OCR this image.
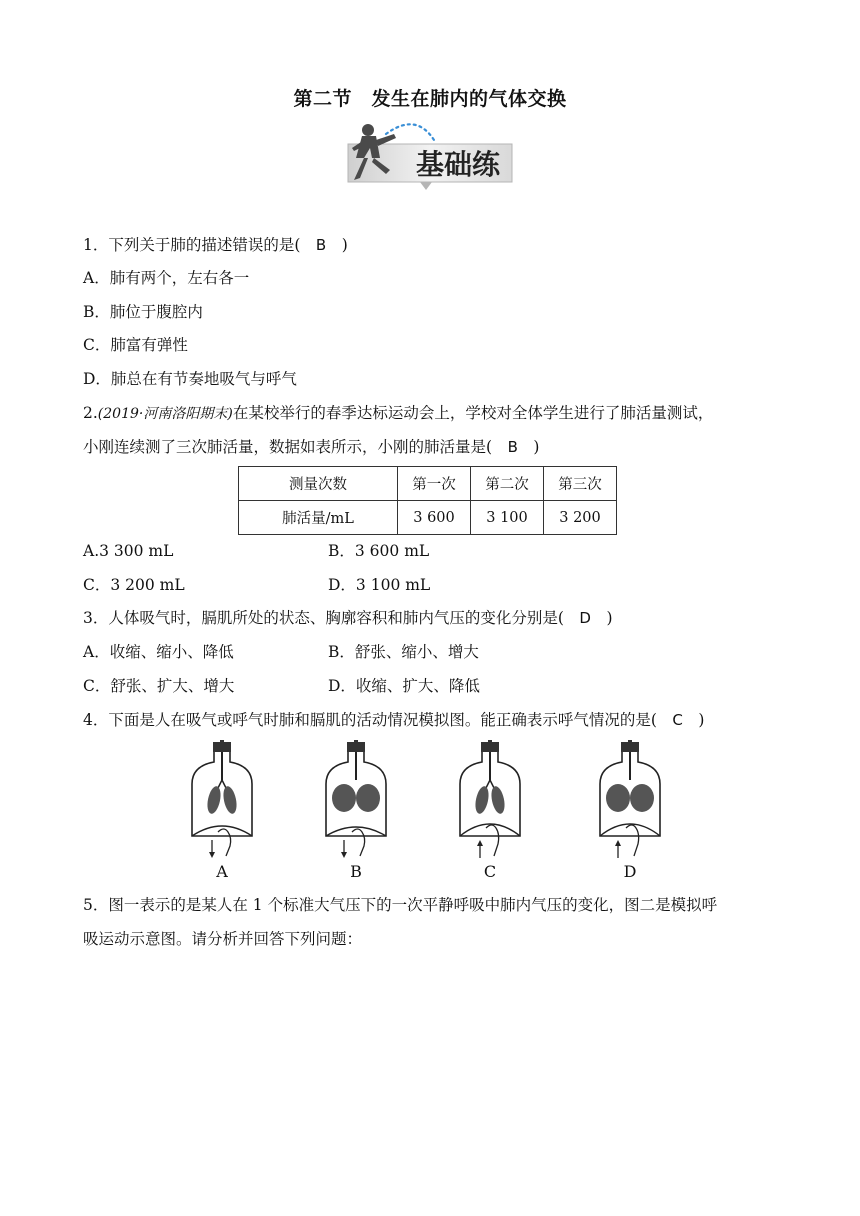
第二节　发生在肺内的气体交换
基础练
1．下列关于肺的描述错误的是(　B　)
A．肺有两个，左右各一
B．肺位于腹腔内
C．肺富有弹性
D．肺总在有节奏地吸气与呼气
2.(2019·河南洛阳期末)在某校举行的春季达标运动会上，学校对全体学生进行了肺活量测试，
小刚连续测了三次肺活量，数据如表所示，小刚的肺活量是(　B　)
测量次数	第一次	第二次	第三次
肺活量/mL	3 600	3 100	3 200
A.3 300 mL	B．3 600 mL
C．3 200 mL	D．3 100 mL
3．人体吸气时，膈肌所处的状态、胸廓容积和肺内气压的变化分别是(　D　)
A．收缩、缩小、降低	B．舒张、缩小、增大
C．舒张、扩大、增大	D．收缩、扩大、降低
4．下面是人在吸气或呼气时肺和膈肌的活动情况模拟图。能正确表示呼气情况的是(　C　)
A	B	C	D
5．图一表示的是某人在 1 个标准大气压下的一次平静呼吸中肺内气压的变化，图二是模拟呼
吸运动示意图。请分析并回答下列问题：
